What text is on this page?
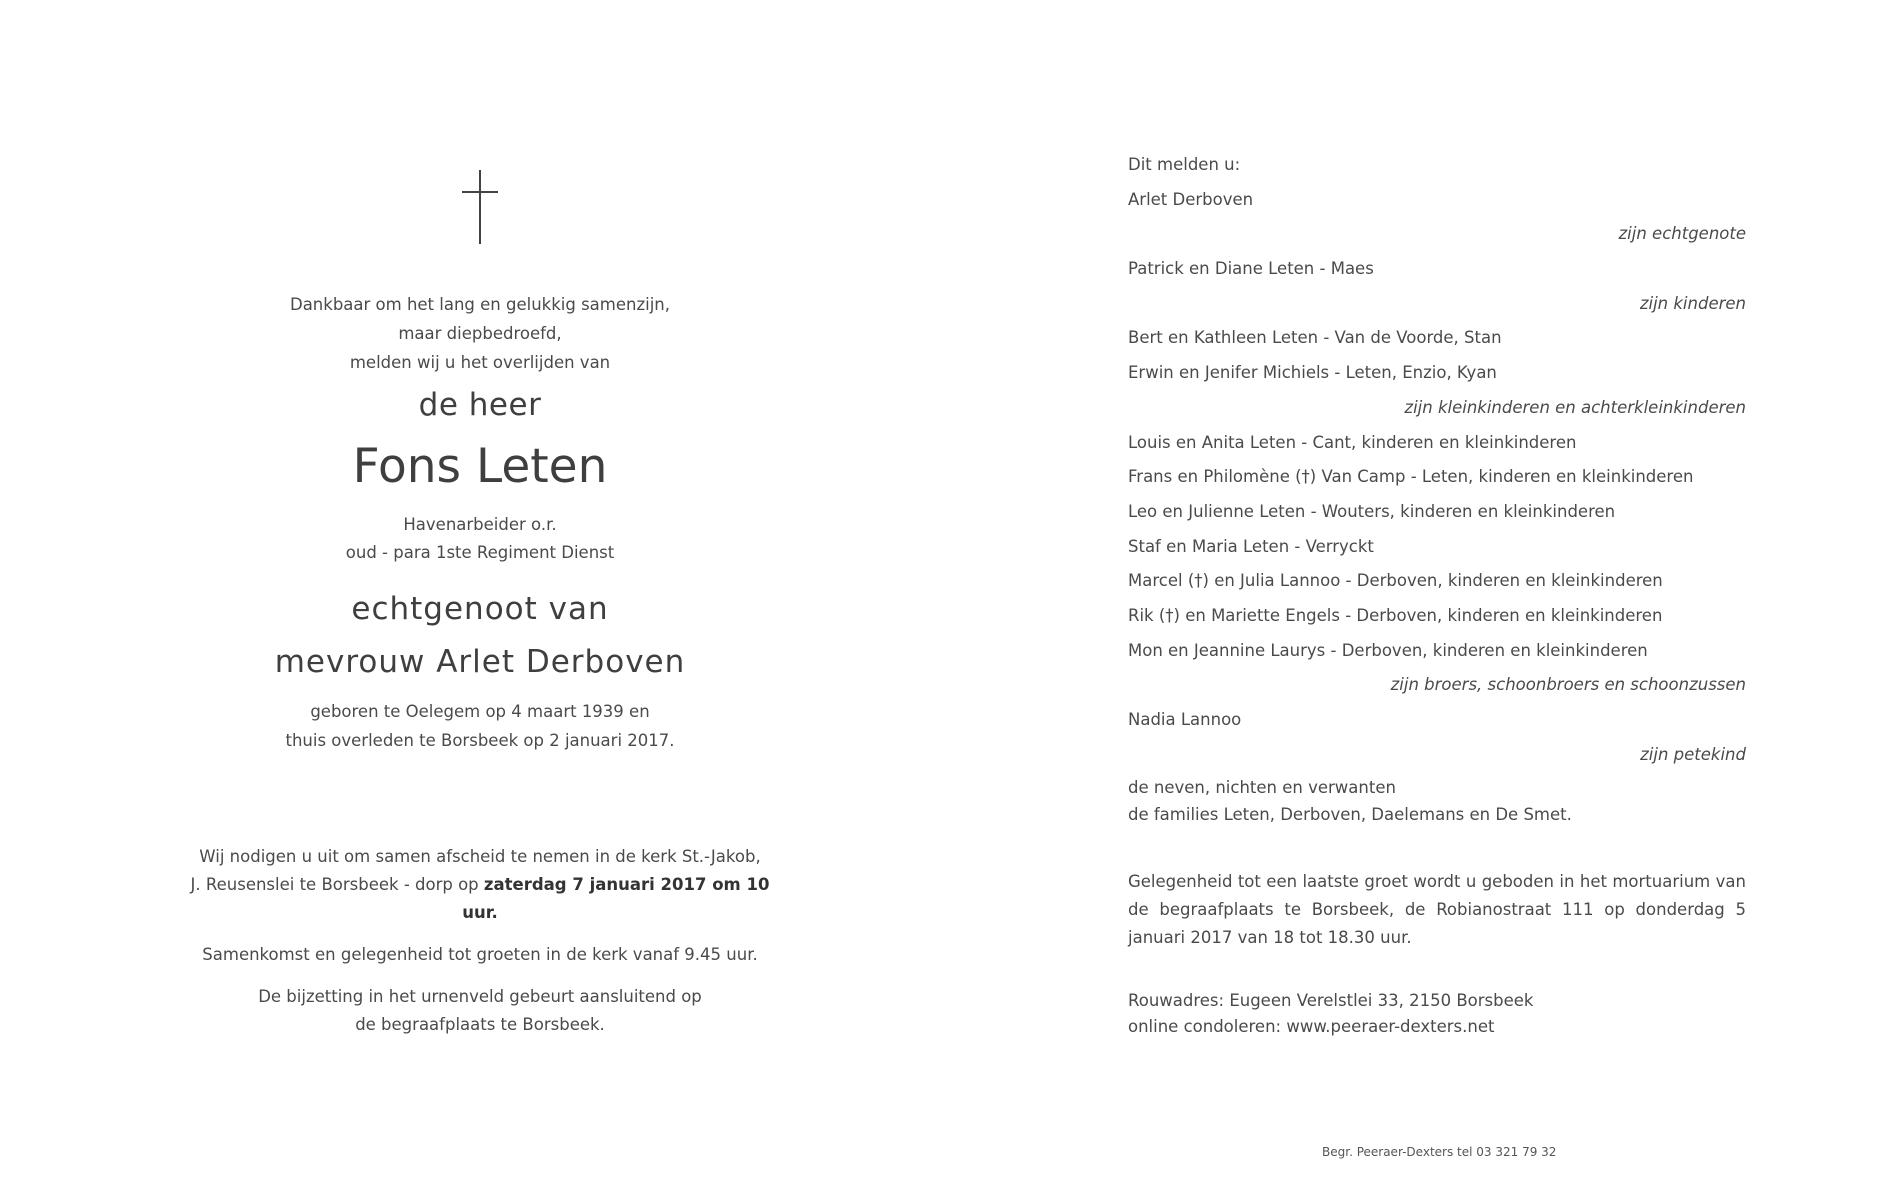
Dankbaar om het lang en gelukkig samenzijn,
maar diepbedroefd,
melden wij u het overlijden van
de heer
Fons Leten
Havenarbeider o.r.
oud - para 1ste Regiment Dienst
echtgenoot van
mevrouw Arlet Derboven
geboren te Oelegem op 4 maart 1939 en
thuis overleden te Borsbeek op 2 januari 2017.
Wij nodigen u uit om samen afscheid te nemen in de kerk St.-Jakob,
J. Reusenslei te Borsbeek - dorp op zaterdag 7 januari 2017 om 10 uur.
Samenkomst en gelegenheid tot groeten in de kerk vanaf 9.45 uur.
De bijzetting in het urnenveld gebeurt aansluitend op
de begraafplaats te Borsbeek.
Dit melden u:
Arlet Derboven
zijn echtgenote
Patrick en Diane Leten - Maes
zijn kinderen
Bert en Kathleen Leten - Van de Voorde, Stan
Erwin en Jenifer Michiels - Leten, Enzio, Kyan
zijn kleinkinderen en achterkleinkinderen
Louis en Anita Leten - Cant, kinderen en kleinkinderen
Frans en Philomène (†) Van Camp - Leten, kinderen en kleinkinderen
Leo en Julienne Leten - Wouters, kinderen en kleinkinderen
Staf en Maria Leten - Verryckt
Marcel (†) en Julia Lannoo - Derboven, kinderen en kleinkinderen
Rik (†) en Mariette Engels - Derboven, kinderen en kleinkinderen
Mon en Jeannine Laurys - Derboven, kinderen en kleinkinderen
zijn broers, schoonbroers en schoonzussen
Nadia Lannoo
zijn petekind
de neven, nichten en verwanten
de families Leten, Derboven, Daelemans en De Smet.
Gelegenheid tot een laatste groet wordt u geboden in het mortuarium van de begraafplaats te Borsbeek, de Robianostraat 111 op donderdag 5 januari 2017 van 18 tot 18.30 uur.
Rouwadres: Eugeen Verelstlei 33, 2150 Borsbeek
online condoleren: www.peeraer-dexters.net
Begr. Peeraer-Dexters tel 03 321 79 32
